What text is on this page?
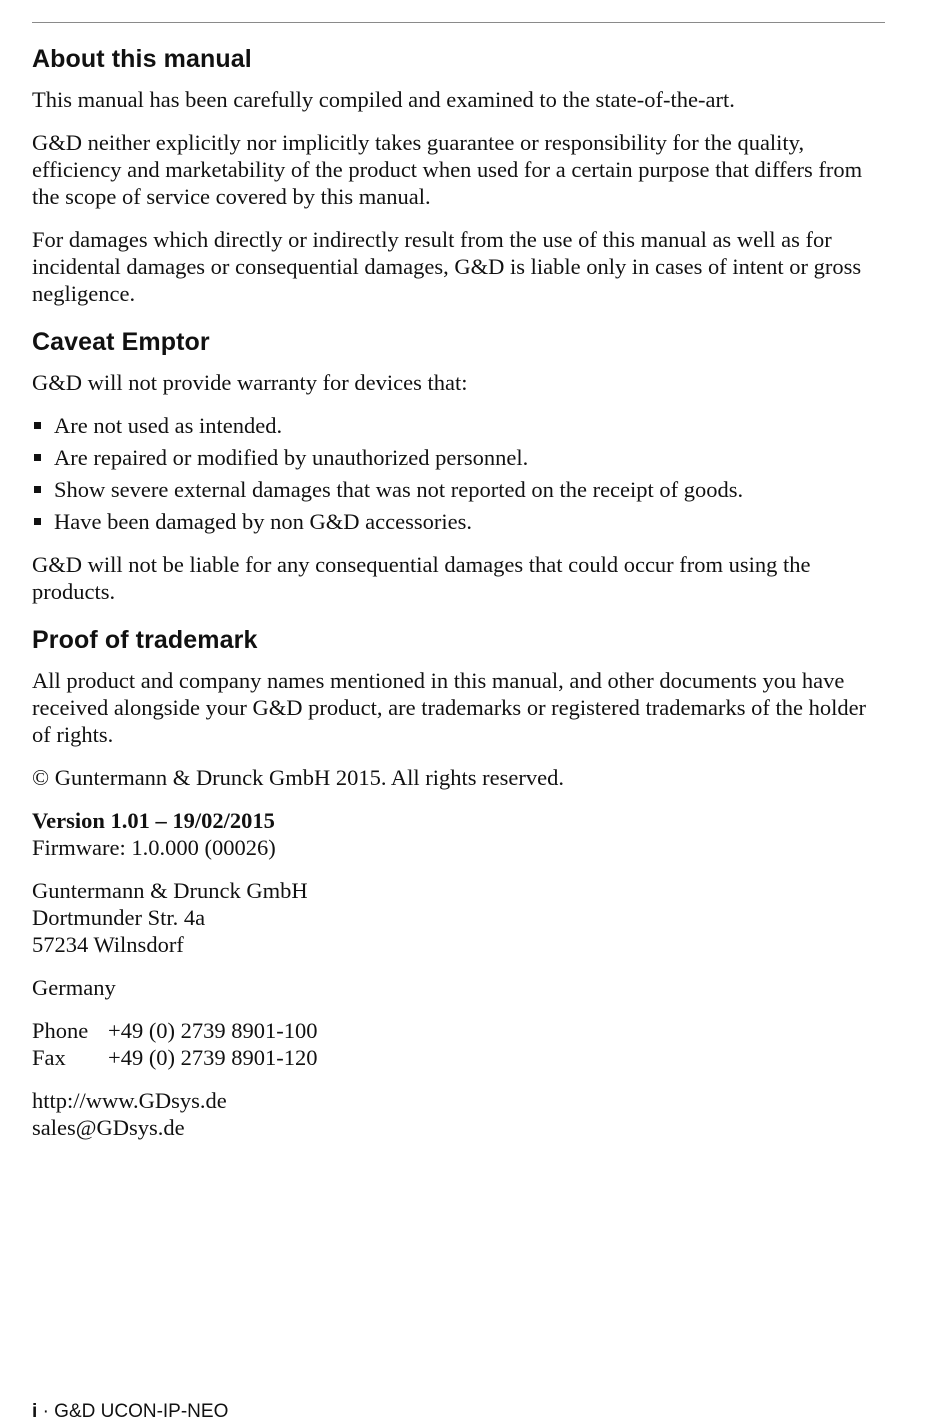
About this manual

This manual has been carefully compiled and examined to the state-of-the-art.

G&D neither explicitly nor implicitly takes guarantee or responsibility for the quality, efficiency and marketability of the product when used for a certain purpose that differs from the scope of service covered by this manual.

For damages which directly or indirectly result from the use of this manual as well as for incidental damages or consequential damages, G&D is liable only in cases of intent or gross negligence.

Caveat Emptor

G&D will not provide warranty for devices that:

Are not used as intended.
Are repaired or modified by unauthorized personnel.
Show severe external damages that was not reported on the receipt of goods.
Have been damaged by non G&D accessories.

G&D will not be liable for any consequential damages that could occur from using the products.

Proof of trademark

All product and company names mentioned in this manual, and other documents you have received alongside your G&D product, are trademarks or registered trademarks of the holder of rights.

© Guntermann & Drunck GmbH 2015. All rights reserved.

Version 1.01 – 19/02/2015
Firmware: 1.0.000 (00026)
Guntermann & Drunck GmbH
Dortmunder Str. 4a
57234 Wilnsdorf
Germany
Phone +49 (0) 2739 8901-100
Fax	+49 (0) 2739 8901-120
http://www.GDsys.de
sales@GDsys.de
i · G&D UCON-IP-NEO
